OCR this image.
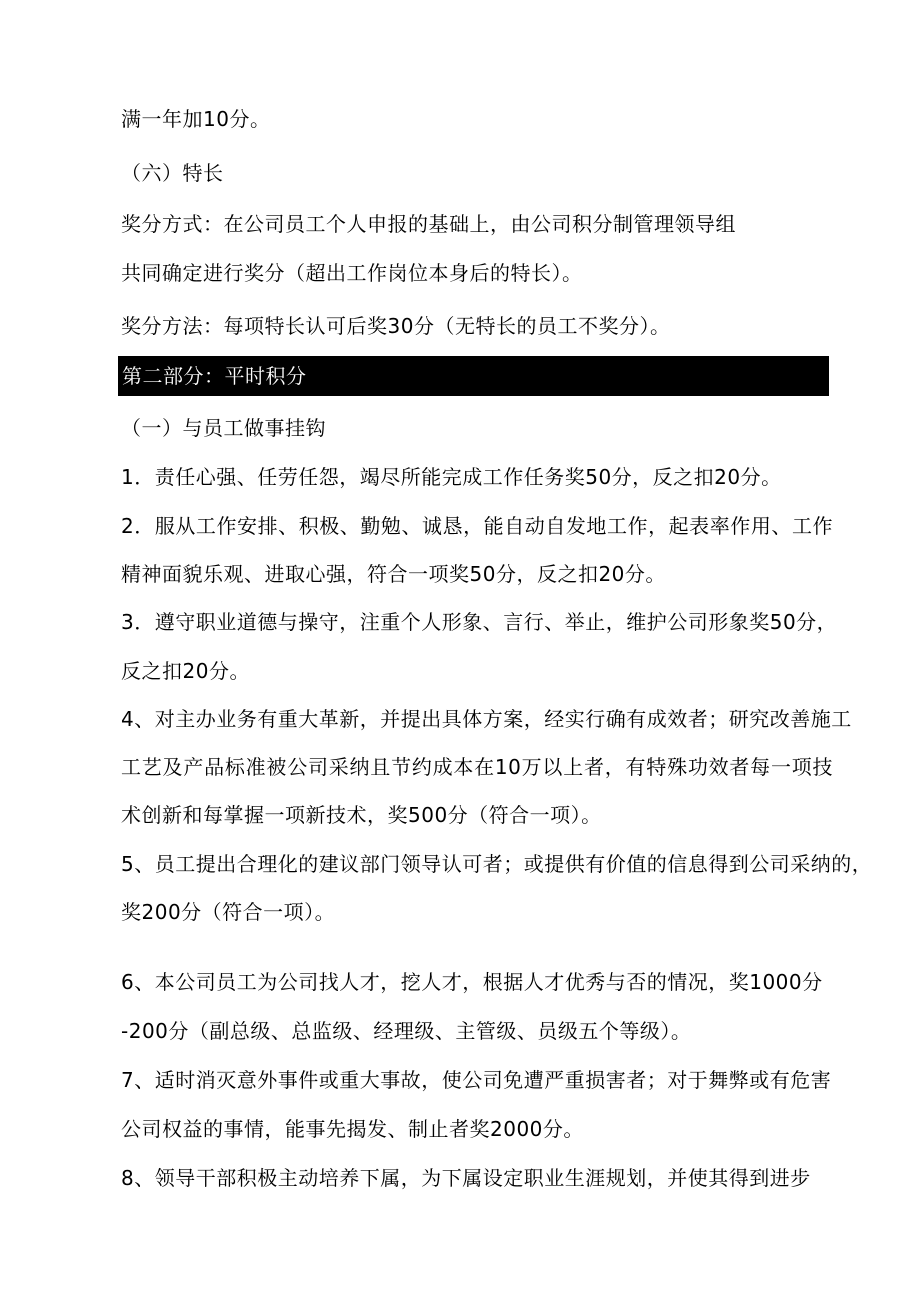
满一年加10分。
（六）特长
奖分方式：在公司员工个人申报的基础上，由公司积分制管理领导组
共同确定进行奖分（超出工作岗位本身后的特长）。
奖分方法：每项特长认可后奖30分（无特长的员工不奖分）。
第二部分：平时积分
（一）与员工做事挂钩
1．责任心强、任劳任怨，竭尽所能完成工作任务奖50分，反之扣20分。
2．服从工作安排、积极、勤勉、诚恳，能自动自发地工作，起表率作用、工作
精神面貌乐观、进取心强，符合一项奖50分，反之扣20分。
3．遵守职业道德与操守，注重个人形象、言行、举止，维护公司形象奖50分，
反之扣20分。
4、对主办业务有重大革新，并提出具体方案，经实行确有成效者；研究改善施工
工艺及产品标准被公司采纳且节约成本在10万以上者，有特殊功效者每一项技
术创新和每掌握一项新技术，奖500分（符合一项）。
5、员工提出合理化的建议部门领导认可者；或提供有价值的信息得到公司采纳的，
奖200分（符合一项）。
6、本公司员工为公司找人才，挖人才，根据人才优秀与否的情况，奖1000分
-200分（副总级、总监级、经理级、主管级、员级五个等级）。
7、适时消灭意外事件或重大事故，使公司免遭严重损害者；对于舞弊或有危害
公司权益的事情，能事先揭发、制止者奖2000分。
8、领导干部积极主动培养下属，为下属设定职业生涯规划，并使其得到进步
